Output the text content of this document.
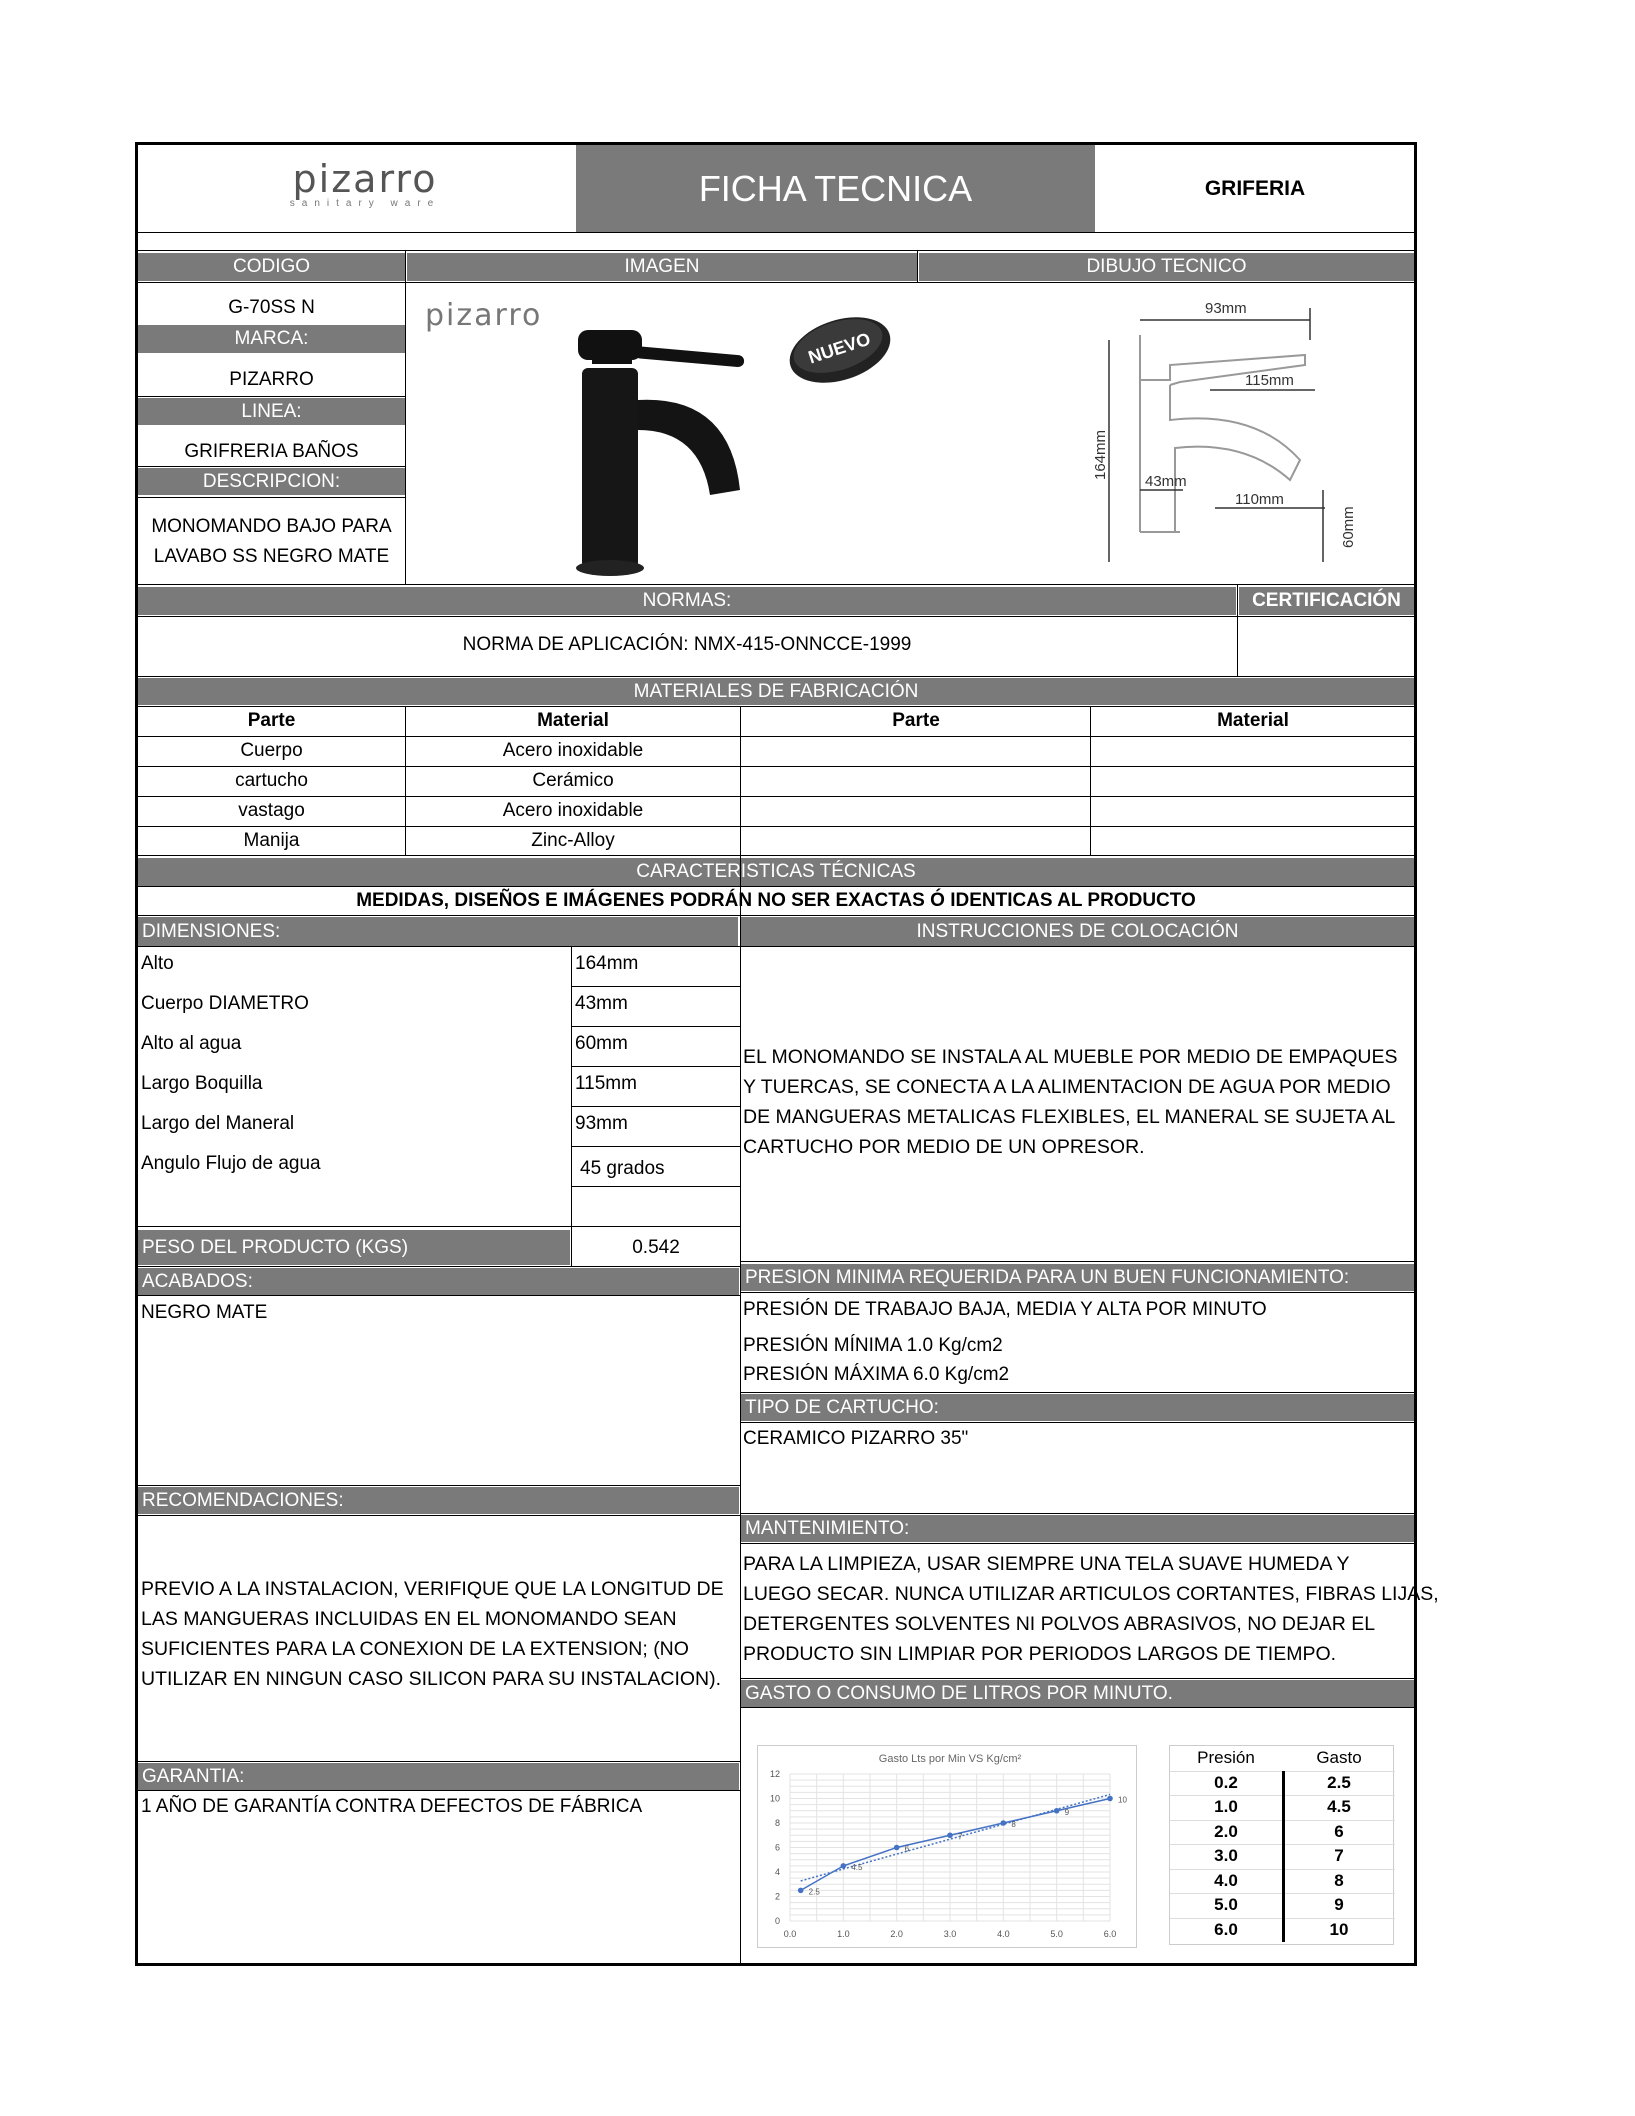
pizarro
sanitary ware	FICHA TECNICA	GRIFERIA
CODIGO	IMAGEN	DIBUJO TECNICO
G-70SS N
MARCA:
PIZARRO
LINEA:
GRIFRERIA BAÑOS
DESCRIPCION:
MONOMANDO BAJO PARA
LAVABO SS NEGRO MATE
pizarro
NUEVO
93mm
115mm
164mm
43mm
110mm
60mm
NORMAS:	CERTIFICACIÓN
NORMA DE APLICACIÓN: NMX-415-ONNCCE-1999
MATERIALES DE FABRICACIÓN
Parte	Material	Parte	Material
Cuerpo	Acero inoxidable
cartucho	Cerámico
vastago	Acero inoxidable
Manija	Zinc-Alloy
CARACTERISTICAS TÉCNICAS
MEDIDAS, DISEÑOS E IMÁGENES PODRÁN NO SER EXACTAS Ó IDENTICAS AL PRODUCTO
DIMENSIONES:	INSTRUCCIONES DE COLOCACIÓN
Alto	164mm
Cuerpo DIAMETRO	43mm
Alto al agua	60mm
Largo Boquilla	115mm
Largo del Maneral	93mm
Angulo Flujo de agua	45 grados
PESO DEL PRODUCTO (KGS)	0.542
EL MONOMANDO SE INSTALA AL MUEBLE POR MEDIO DE EMPAQUES
Y TUERCAS, SE CONECTA A LA ALIMENTACION DE AGUA POR MEDIO
DE MANGUERAS METALICAS FLEXIBLES, EL MANERAL SE SUJETA AL
CARTUCHO POR MEDIO DE UN OPRESOR.
ACABADOS:
NEGRO MATE
PRESION MINIMA REQUERIDA PARA UN BUEN FUNCIONAMIENTO:
PRESIÓN DE TRABAJO BAJA, MEDIA Y ALTA POR MINUTO
PRESIÓN MÍNIMA 1.0 Kg/cm2
PRESIÓN MÁXIMA 6.0 Kg/cm2
TIPO DE CARTUCHO:
CERAMICO PIZARRO 35"
RECOMENDACIONES:
PREVIO A LA INSTALACION, VERIFIQUE QUE LA LONGITUD DE
LAS MANGUERAS INCLUIDAS EN EL MONOMANDO SEAN
SUFICIENTES PARA LA CONEXION DE LA EXTENSION; (NO
UTILIZAR EN NINGUN CASO SILICON PARA SU INSTALACION).
MANTENIMIENTO:
PARA LA LIMPIEZA, USAR SIEMPRE UNA TELA SUAVE HUMEDA Y
LUEGO SECAR. NUNCA UTILIZAR ARTICULOS CORTANTES, FIBRAS LIJAS,
DETERGENTES SOLVENTES NI POLVOS ABRASIVOS, NO DEJAR EL
PRODUCTO SIN LIMPIAR POR PERIODOS LARGOS DE TIEMPO.
GASTO O CONSUMO DE LITROS POR MINUTO.
GARANTIA:
1 AÑO DE GARANTÍA CONTRA DEFECTOS DE FÁBRICA
Gasto Lts por Min VS Kg/cm²
0.0	1.0	2.0	3.0	4.0	5.0	6.0
0
2
4
6
8
10
12
2.5
4.5
6
7
8
9
10
Presión	Gasto
0.2	2.5
1.0	4.5
2.0	6
3.0	7
4.0	8
5.0	9
6.0	10
